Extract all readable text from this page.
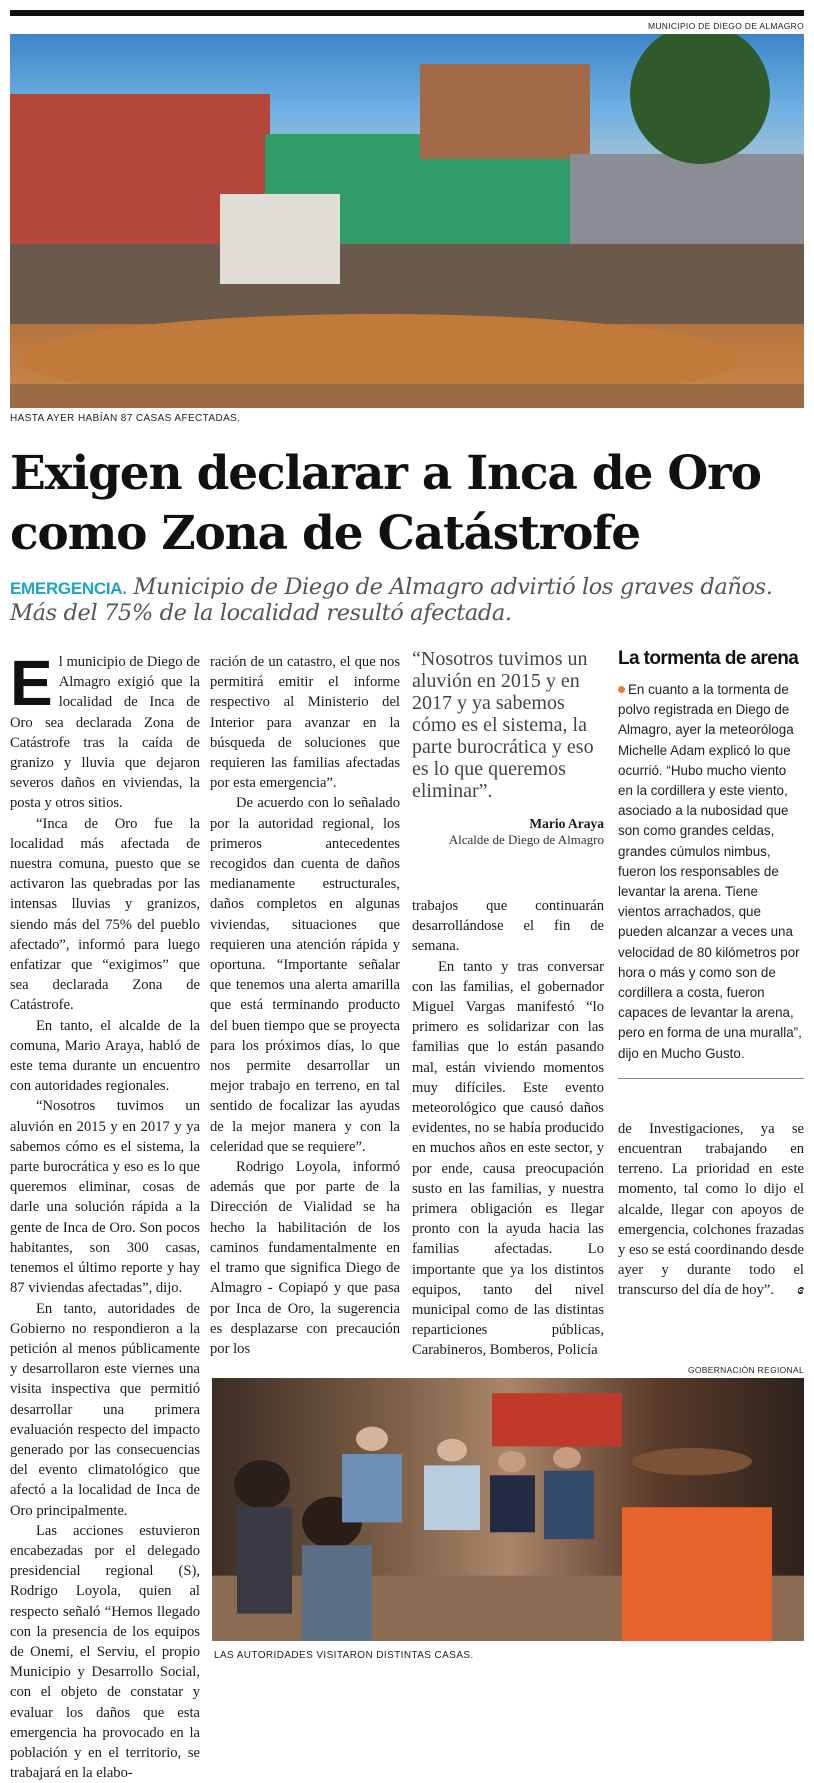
MUNICIPIO DE DIEGO DE ALMAGRO
HASTA AYER HABÍAN 87 CASAS AFECTADAS.
Exigen declarar a Inca de Oro
como Zona de Catástrofe
EMERGENCIA. Municipio de Diego de Almagro advirtió los graves daños.
Más del 75% de la localidad resultó afectada.
E l municipio de Diego de Almagro exigió que la localidad de Inca de Oro sea declarada Zona de Catástrofe tras la caída de granizo y lluvia que dejaron severos daños en viviendas, la posta y otros sitios.

“Inca de Oro fue la localidad más afectada de nuestra comuna, puesto que se activaron las quebradas por las intensas lluvias y granizos, siendo más del 75% del pueblo afectado”, informó para luego enfatizar que “exigimos” que sea declarada Zona de Catástrofe.

En tanto, el alcalde de la comuna, Mario Araya, habló de este tema durante un encuentro con autoridades regionales.

“Nosotros tuvimos un aluvión en 2015 y en 2017 y ya sabemos cómo es el sistema, la parte burocrática y eso es lo que queremos eliminar, cosas de darle una solución rápida a la gente de Inca de Oro. Son pocos habitantes, son 300 casas, tenemos el último reporte y hay 87 viviendas afectadas”, dijo.

En tanto, autoridades de Gobierno no respondieron a la petición al menos públicamente y desarrollaron este viernes una visita inspectiva que permitió desarrollar una primera evaluación respecto del impacto generado por las consecuencias del evento climatológico que afectó a la localidad de Inca de Oro principalmente.

Las acciones estuvieron encabezadas por el delegado presidencial regional (S), Rodrigo Loyola, quien al respecto señaló “Hemos llegado con la presencia de los equipos de Onemi, el Serviu, el propio Municipio y Desarrollo Social, con el objeto de constatar y evaluar los daños que esta emergencia ha provocado en la población y en el territorio, se trabajará en la elabo-

ración de un catastro, el que nos permitirá emitir el informe respectivo al Ministerio del Interior para avanzar en la búsqueda de soluciones que requieren las familias afectadas por esta emergencia”.

De acuerdo con lo señalado por la autoridad regional, los primeros antecedentes recogidos dan cuenta de daños medianamente estructurales, daños completos en algunas viviendas, situaciones que requieren una atención rápida y oportuna. “Importante señalar que tenemos una alerta amarilla que está terminando producto del buen tiempo que se proyecta para los próximos días, lo que nos permite desarrollar un mejor trabajo en terreno, en tal sentido de focalizar las ayudas de la mejor manera y con la celeridad que se requiere”.

Rodrigo Loyola, informó además que por parte de la Dirección de Vialidad se ha hecho la habilitación de los caminos fundamentalmente en el tramo que significa Diego de Almagro - Copiapó y que pasa por Inca de Oro, la sugerencia es desplazarse con precaución por los

“Nosotros tuvimos un aluvión en 2015 y en 2017 y ya sabemos cómo es el sistema, la parte burocrática y eso es lo que queremos eliminar”.
Mario Araya
Alcalde de Diego de Almagro

trabajos que continuarán desarrollándose el fin de semana.

En tanto y tras conversar con las familias, el gobernador Miguel Vargas manifestó “lo primero es solidarizar con las familias que lo están pasando mal, están viviendo momentos muy difíciles. Este evento meteorológico que causó daños evidentes, no se había producido en muchos años en este sector, y por ende, causa preocupación susto en las familias, y nuestra primera obligación es llegar pronto con la ayuda hacia las familias afectadas. Lo importante que ya los distintos equipos, tanto del nivel municipal como de las distintas reparticiones públicas, Carabineros, Bomberos, Policía

La tormenta de arena
En cuanto a la tormenta de polvo registrada en Diego de Almagro, ayer la meteoróloga Michelle Adam explicó lo que ocurrió. “Hubo mucho viento en la cordillera y este viento, asociado a la nubosidad que son como grandes celdas, grandes cúmulos nimbus, fueron los responsables de levantar la arena. Tiene vientos arrachados, que pueden alcanzar a veces una velocidad de 80 kilómetros por hora o más y como son de cordillera a costa, fueron capaces de levantar la arena, pero en forma de una muralla”, dijo en Mucho Gusto.

de Investigaciones, ya se encuentran trabajando en terreno. La prioridad en este momento, tal como lo dijo el alcalde, llegar con apoyos de emergencia, colchones frazadas y eso se está coordinando desde ayer y durante todo el transcurso del día de hoy”. ɞ

GOBERNACIÓN REGIONAL
LAS AUTORIDADES VISITARON DISTINTAS CASAS.
